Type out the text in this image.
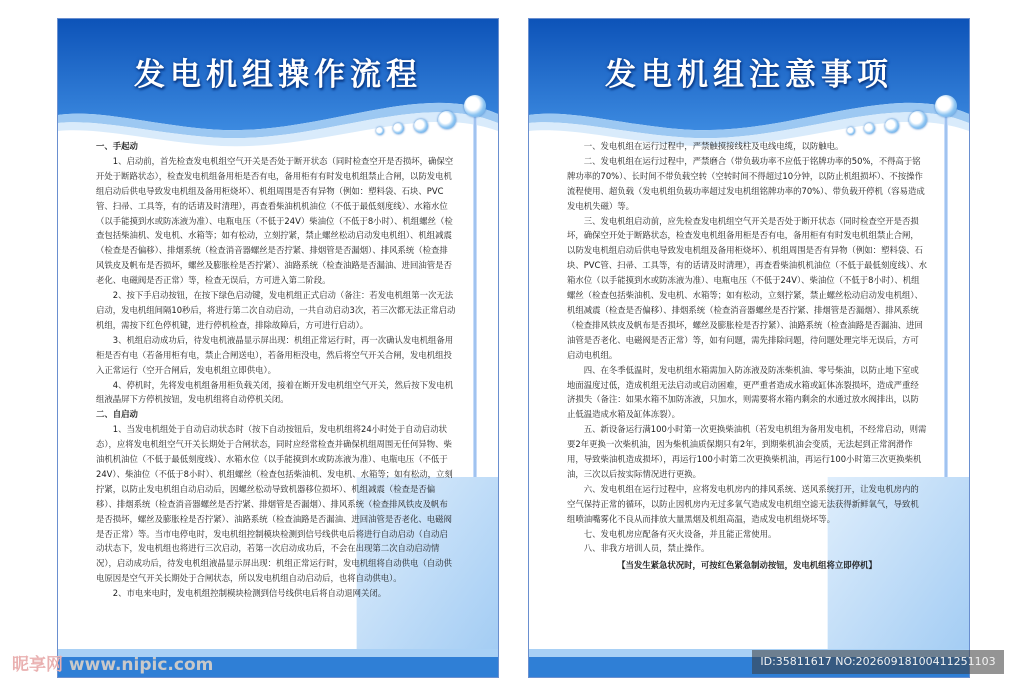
发电机组操作流程

一、手起动

1、启动前，首先检查发电机组空气开关是否处于断开状态（同时检查空开是否损坏，确保空开处于断路状态），检查发电机组备用柜是否有电，备用柜有有时发电机组禁止合闸，以防发电机组启动后供电导致发电机组及备用柜烧坏）、机组周围是否有异物（例如：塑料袋、石块、PVC管、扫帚、工具等，有的话请及时清理），再查看柴油机机油位（不低于最低刻度线）、水箱水位（以手能摸到水或防冻液为准）、电瓶电压（不低于24V）柴油位（不低于8小时）、机组螺丝（检查包括柴油机、发电机、水箱等；如有松动，立刻拧紧，禁止螺丝松动启动发电机组）、机组减震（检查是否偏移）、排烟系统（检查消音器螺丝是否拧紧、排烟管是否漏烟）、排风系统（检查排风铁皮及帆布是否损坏，螺丝及膨胀栓是否拧紧）、油路系统（检查油路是否漏油、进回油管是否老化、电磁阀是否正常）等，检查无误后，方可进入第二阶段。

2、按下手启动按钮，在按下绿色启动键，发电机组正式启动（备注：若发电机组第一次无法启动，发电机组间隔10秒后，将进行第二次自动启动，一共自动启动3次，若三次都无法正常启动机组，需按下红色停机键，进行停机检查，排除故障后，方可进行启动）。

3、机组启动成功后，待发电机液晶显示屏出现：机组正常运行时，再一次确认发电机组备用柜是否有电（若备用柜有电，禁止合闸送电），若备用柜没电，然后将空气开关合闸，发电机组投入正常运行（空开合闸后，发电机组立即供电）。

4、停机时，先将发电机组备用柜负载关闭，接着在断开发电机组空气开关，然后按下发电机组液晶屏下方停机按钮，发电机组将自动停机关闭。

二、自启动

1、当发电机组处于自动启动状态时（按下自动按钮后，发电机组将24小时处于自动启动状态），应将发电机组空气开关长期处于合闸状态，同时应经常检查并确保机组周围无任何异物、柴油机机油位（不低于最低刻度线）、水箱水位（以手能摸到水或防冻液为准）、电瓶电压（不低于24V）、柴油位（不低于8小时）、机组螺丝（检查包括柴油机、发电机、水箱等；如有松动，立刻拧紧，以防止发电机组自动启动后，因螺丝松动导致机器移位损坏）、机组减震（检查是否偏移）、排烟系统（检查消音器螺丝是否拧紧、排烟管是否漏烟）、排风系统（检查排风铁皮及帆布是否损坏，螺丝及膨胀栓是否拧紧）、油路系统（检查油路是否漏油、进回油管是否老化、电磁阀是否正常）等。当市电停电时，发电机组控制模块检测到信号线供电后将进行自动启动（自动启动状态下，发电机组也将进行三次启动，若第一次启动成功后，不会在出现第二次自动启动情况），启动成功后，待发电机组液晶显示屏出现：机组正常运行时，发电机组将自动供电（自动供电原因是空气开关长期处于合闸状态，所以发电机组自动启动后，也将自动供电）。

2、市电来电时，发电机组控制模块检测到信号线供电后将自动退网关闭。

发电机组注意事项

一、发电机组在运行过程中，严禁触摸接线柱及电线电缆，以防触电。

二、发电机组在运行过程中，严禁磨合（带负载功率不应低于铭牌功率的50%，不得高于铭牌功率的70%）、长时间不带负载空转（空转时间不得超过10分钟，以防止机组损坏）、不按操作流程使用、超负载（发电机组负载功率超过发电机组铭牌功率的70%）、带负载开停机（容易造成发电机失磁）等。

三、发电机组启动前，应先检查发电机组空气开关是否处于断开状态（同时检查空开是否损坏，确保空开处于断路状态，检查发电机组备用柜是否有电，备用柜有有时发电机组禁止合闸，以防发电机组启动后供电导致发电机组及备用柜烧坏）、机组周围是否有异物（例如：塑料袋、石块、PVC管、扫帚、工具等，有的话请及时清理），再查看柴油机机油位（不低于最低刻度线）、水箱水位（以手能摸到水或防冻液为准）、电瓶电压（不低于24V）、柴油位（不低于8小时）、机组螺丝（检查包括柴油机、发电机、水箱等；如有松动，立刻拧紧，禁止螺丝松动启动发电机组）、机组减震（检查是否偏移）、排烟系统（检查消音器螺丝是否拧紧、排烟管是否漏烟）、排风系统（检查排风铁皮及帆布是否损坏，螺丝及膨胀栓是否拧紧）、油路系统（检查油路是否漏油、进回油管是否老化、电磁阀是否正常）等，如有问题，需先排除问题，待问题处理完毕无误后，方可启动电机组。

四、在冬季低温时，发电机组水箱需加入防冻液及防冻柴机油、零号柴油，以防止地下室或地面温度过低，造成机组无法启动或启动困难，更严重者造成水箱或缸体冻裂损坏，造成严重经济损失（备注：如果水箱不加防冻液，只加水，则需要将水箱内剩余的水通过放水阀排出，以防止低温造成水箱及缸体冻裂）。

五、新设备运行满100小时第一次更换柴油机（若发电机组为备用发电机，不经常启动，则需要2年更换一次柴机油，因为柴机油质保期只有2年，到期柴机油会变质，无法起到正常润滑作用，导致柴油机造成损坏），再运行100小时第二次更换柴机油，再运行100小时第三次更换柴机油，三次以后按实际情况进行更换。

六、发电机组在运行过程中，应将发电机房内的排风系统、送风系统打开，让发电机房内的空气保持正常的循环，以防止因机房内无过多氧气造成发电机组空滤无法获得新鲜氧气，导致机组喷油嘴雾化不良从而排放大量黑烟及机组高温，造成发电机组烧坏等。

七、发电机房应配备有灭火设备，并且能正常使用。

八、非我方培训人员，禁止操作。

【当发生紧急状况时，可按红色紧急制动按钮，发电机组将立即停机】

昵享网 www.nipic.com	ID:35811617 NO:20260918100411251103
